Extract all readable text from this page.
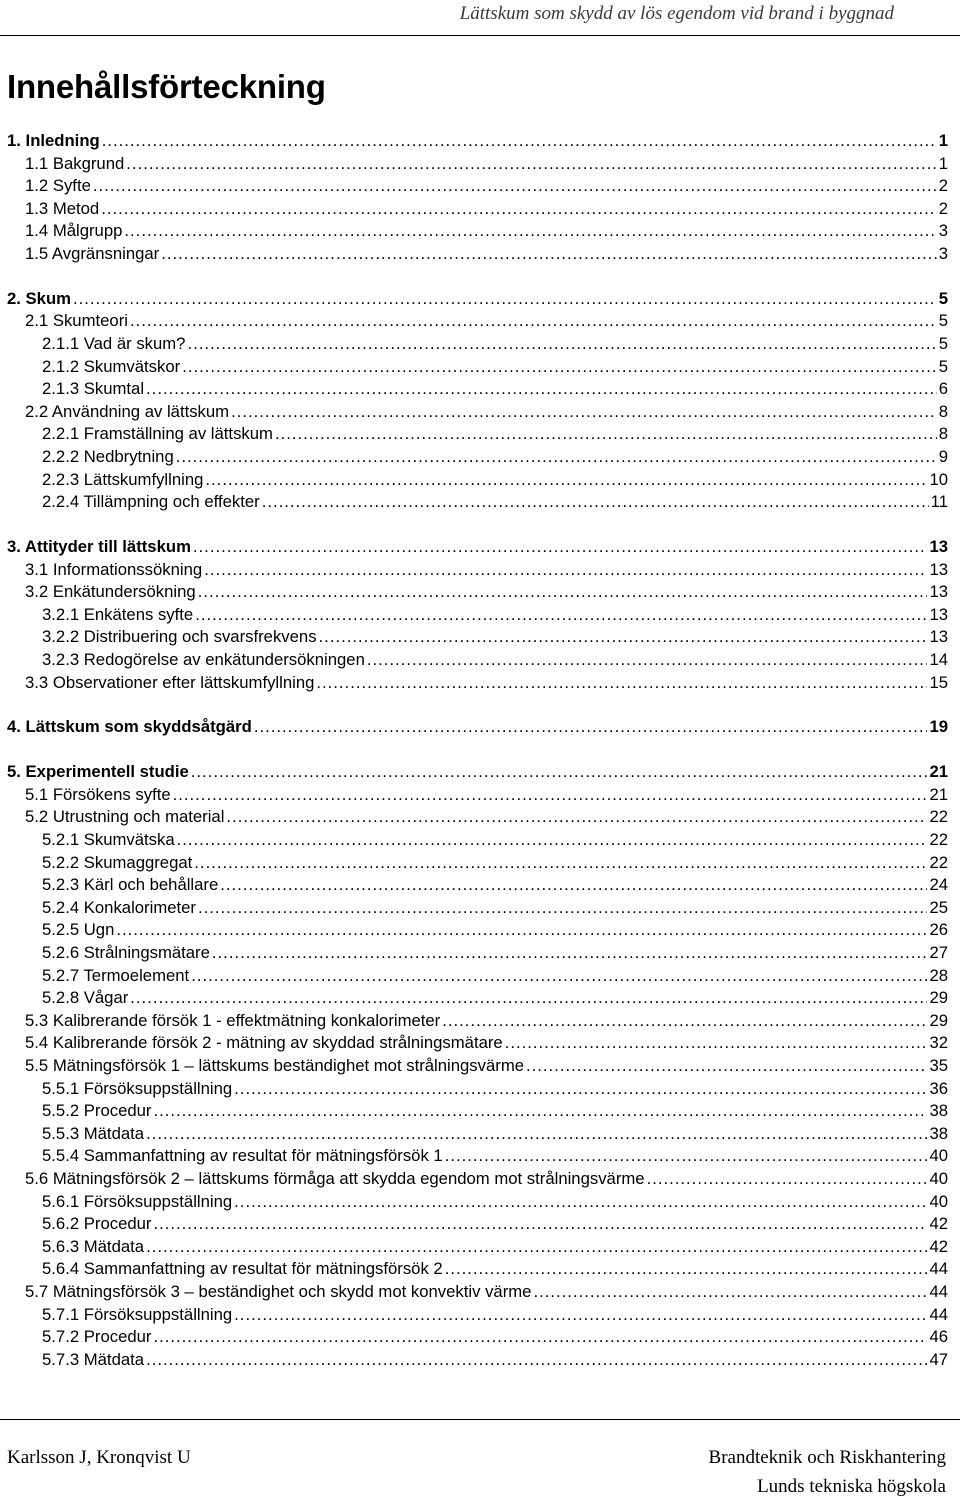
Lättskum som skydd av lös egendom vid brand i byggnad
Innehållsförteckning
1. Inledning .....	1
1.1 Bakgrund .....	1
1.2 Syfte .....	2
1.3 Metod .....	2
1.4 Målgrupp .....	3
1.5 Avgränsningar .....	3
2. Skum .....	5
2.1 Skumteori .....	5
2.1.1 Vad är skum? .....	5
2.1.2 Skumvätskor .....	5
2.1.3 Skumtal .....	6
2.2 Användning av lättskum .....	8
2.2.1 Framställning av lättskum .....	8
2.2.2 Nedbrytning .....	9
2.2.3 Lättskumfyllning .....	10
2.2.4 Tillämpning och effekter .....	11
3. Attityder till lättskum .....	13
3.1 Informationssökning .....	13
3.2 Enkätundersökning .....	13
3.2.1 Enkätens syfte .....	13
3.2.2 Distribuering och svarsfrekvens .....	13
3.2.3 Redogörelse av enkätundersökningen .....	14
3.3 Observationer efter lättskumfyllning .....	15
4. Lättskum som skyddsåtgärd .....	19
5. Experimentell studie .....	21
5.1 Försökens syfte .....	21
5.2 Utrustning och material .....	22
5.2.1 Skumvätska .....	22
5.2.2 Skumaggregat .....	22
5.2.3 Kärl och behållare .....	24
5.2.4 Konkalorimeter .....	25
5.2.5 Ugn .....	26
5.2.6 Strålningsmätare .....	27
5.2.7 Termoelement .....	28
5.2.8 Vågar .....	29
5.3 Kalibrerande försök 1 - effektmätning konkalorimeter .....	29
5.4 Kalibrerande försök 2 - mätning av skyddad strålningsmätare .....	32
5.5 Mätningsförsök 1 – lättskums beständighet mot strålningsvärme .....	35
5.5.1 Försöksuppställning .....	36
5.5.2 Procedur .....	38
5.5.3 Mätdata .....	38
5.5.4 Sammanfattning av resultat för mätningsförsök 1 .....	40
5.6 Mätningsförsök 2 – lättskums förmåga att skydda egendom mot strålningsvärme .....	40
5.6.1 Försöksuppställning .....	40
5.6.2 Procedur .....	42
5.6.3 Mätdata .....	42
5.6.4 Sammanfattning av resultat för mätningsförsök 2 .....	44
5.7 Mätningsförsök 3 – beständighet och skydd mot konvektiv värme .....	44
5.7.1 Försöksuppställning .....	44
5.7.2 Procedur .....	46
5.7.3 Mätdata .....	47
Karlsson J, Kronqvist U	Brandteknik och Riskhantering
Lunds tekniska högskola
